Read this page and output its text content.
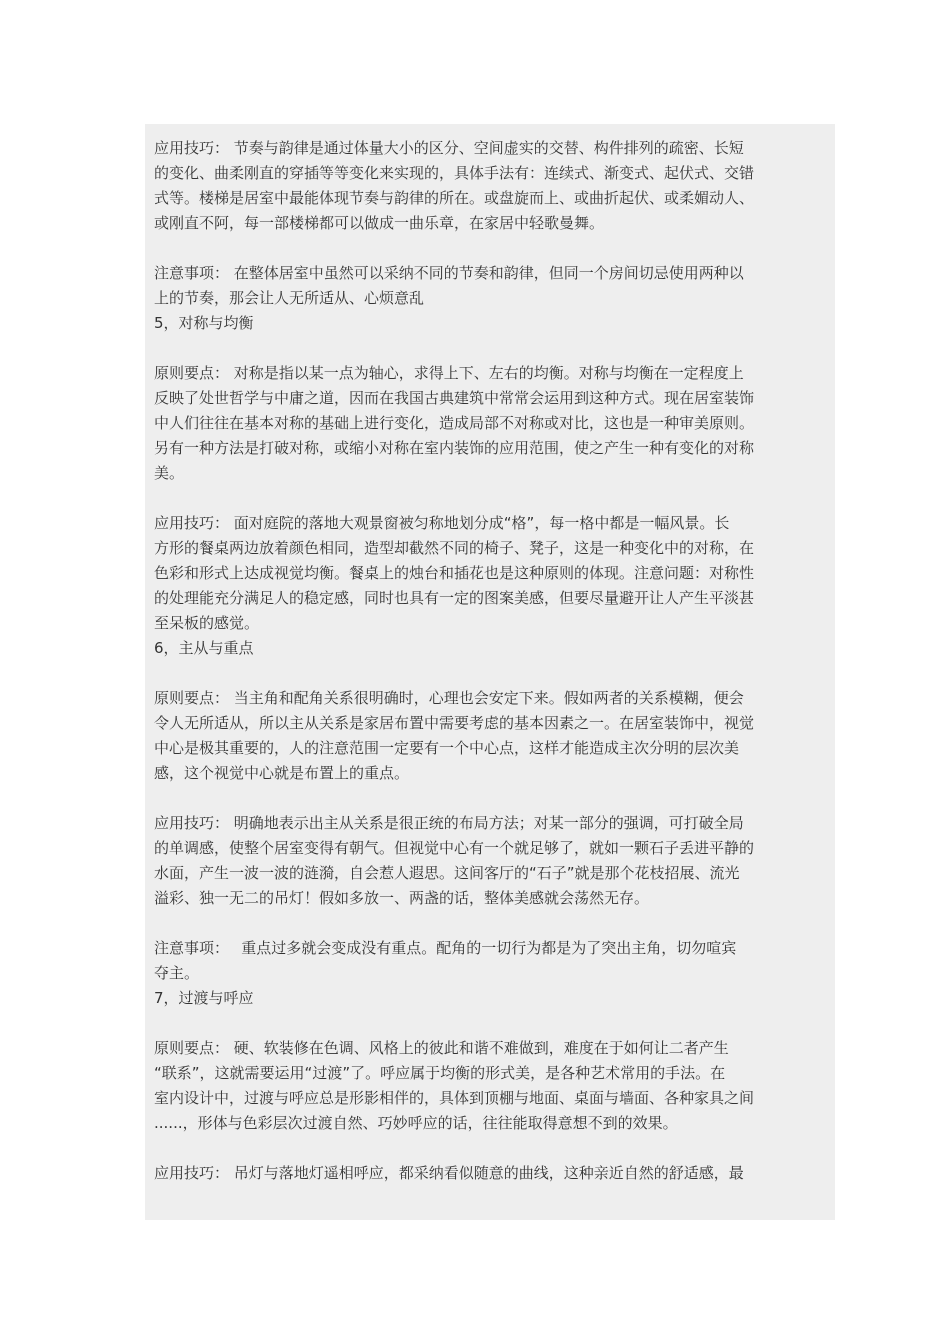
应用技巧： 节奏与韵律是通过体量大小的区分、空间虚实的交替、构件排列的疏密、长短
的变化、曲柔刚直的穿插等等变化来实现的，具体手法有：连续式、渐变式、起伏式、交错
式等。楼梯是居室中最能体现节奏与韵律的所在。或盘旋而上、或曲折起伏、或柔媚动人、
或刚直不阿，每一部楼梯都可以做成一曲乐章，在家居中轻歌曼舞。

注意事项： 在整体居室中虽然可以采纳不同的节奏和韵律，但同一个房间切忌使用两种以
上的节奏，那会让人无所适从、心烦意乱
5，对称与均衡

原则要点： 对称是指以某一点为轴心，求得上下、左右的均衡。对称与均衡在一定程度上
反映了处世哲学与中庸之道，因而在我国古典建筑中常常会运用到这种方式。现在居室装饰
中人们往往在基本对称的基础上进行变化，造成局部不对称或对比，这也是一种审美原则。
另有一种方法是打破对称，或缩小对称在室内装饰的应用范围，使之产生一种有变化的对称
美。

应用技巧： 面对庭院的落地大观景窗被匀称地划分成“格”，每一格中都是一幅风景。长
方形的餐桌两边放着颜色相同，造型却截然不同的椅子、凳子，这是一种变化中的对称，在
色彩和形式上达成视觉均衡。餐桌上的烛台和插花也是这种原则的体现。注意问题：对称性
的处理能充分满足人的稳定感，同时也具有一定的图案美感，但要尽量避开让人产生平淡甚
至呆板的感觉。
6，主从与重点

原则要点： 当主角和配角关系很明确时，心理也会安定下来。假如两者的关系模糊，便会
令人无所适从，所以主从关系是家居布置中需要考虑的基本因素之一。在居室装饰中，视觉
中心是极其重要的，人的注意范围一定要有一个中心点，这样才能造成主次分明的层次美
感，这个视觉中心就是布置上的重点。

应用技巧： 明确地表示出主从关系是很正统的布局方法；对某一部分的强调，可打破全局
的单调感，使整个居室变得有朝气。但视觉中心有一个就足够了，就如一颗石子丢进平静的
水面，产生一波一波的涟漪，自会惹人遐思。这间客厅的“石子”就是那个花枝招展、流光
溢彩、独一无二的吊灯！假如多放一、两盏的话，整体美感就会荡然无存。

注意事项：　 重点过多就会变成没有重点。配角的一切行为都是为了突出主角，切勿喧宾
夺主。
7，过渡与呼应

原则要点： 硬、软装修在色调、风格上的彼此和谐不难做到，难度在于如何让二者产生
“联系”，这就需要运用“过渡”了。呼应属于均衡的形式美，是各种艺术常用的手法。在
室内设计中，过渡与呼应总是形影相伴的，具体到顶棚与地面、桌面与墙面、各种家具之间
......，形体与色彩层次过渡自然、巧妙呼应的话，往往能取得意想不到的效果。

应用技巧： 吊灯与落地灯遥相呼应，都采纳看似随意的曲线，这种亲近自然的舒适感，最
